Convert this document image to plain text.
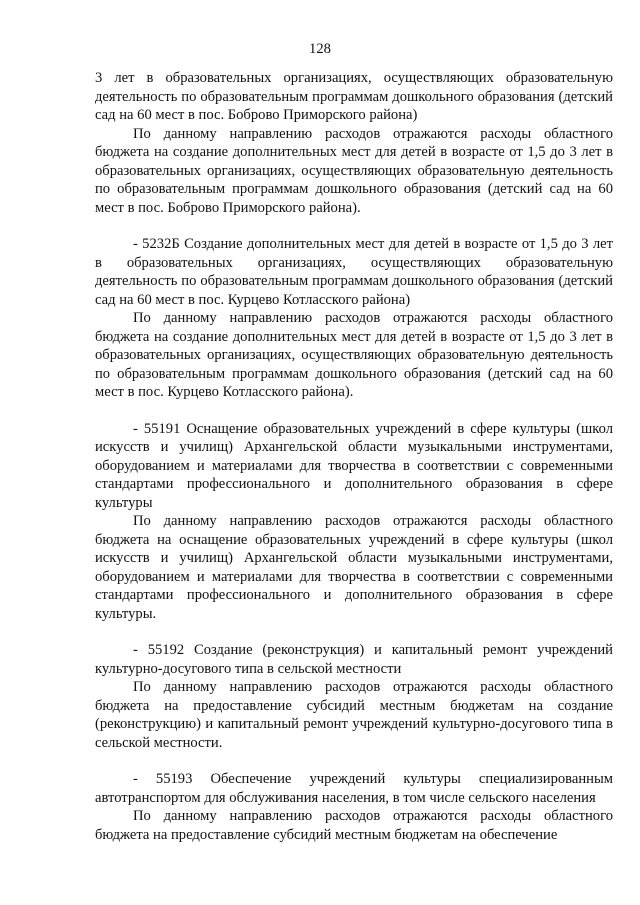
128

3 лет в образовательных организациях, осуществляющих образовательную деятельность по образовательным программам дошкольного образования (детский сад на 60 мест в пос. Боброво Приморского района)

По данному направлению расходов отражаются расходы областного бюджета на создание дополнительных мест для детей в возрасте от 1,5 до 3 лет в образовательных организациях, осуществляющих образовательную деятельность по образовательным программам дошкольного образования (детский сад на 60 мест в пос. Боброво Приморского района).

- 5232Б Создание дополнительных мест для детей в возрасте от 1,5 до 3 лет в образовательных организациях, осуществляющих образовательную деятельность по образовательным программам дошкольного образования (детский сад на 60 мест в пос. Курцево Котласского района)

По данному направлению расходов отражаются расходы областного бюджета на создание дополнительных мест для детей в возрасте от 1,5 до 3 лет в образовательных организациях, осуществляющих образовательную деятельность по образовательным программам дошкольного образования (детский сад на 60 мест в пос. Курцево Котласского района).

- 55191 Оснащение образовательных учреждений в сфере культуры (школ искусств и училищ) Архангельской области музыкальными инструментами, оборудованием и материалами для творчества в соответствии с современными стандартами профессионального и дополнительного образования в сфере культуры

По данному направлению расходов отражаются расходы областного бюджета на оснащение образовательных учреждений в сфере культуры (школ искусств и училищ) Архангельской области музыкальными инструментами, оборудованием и материалами для творчества в соответствии с современными стандартами профессионального и дополнительного образования в сфере культуры.

- 55192 Создание (реконструкция) и капитальный ремонт учреждений культурно-досугового типа в сельской местности

По данному направлению расходов отражаются расходы областного бюджета на предоставление субсидий местным бюджетам на создание (реконструкцию) и капитальный ремонт учреждений культурно-досугового типа в сельской местности.

- 55193 Обеспечение учреждений культуры специализированным автотранспортом для обслуживания населения, в том числе сельского населения

По данному направлению расходов отражаются расходы областного бюджета на предоставление субсидий местным бюджетам на обеспечение
